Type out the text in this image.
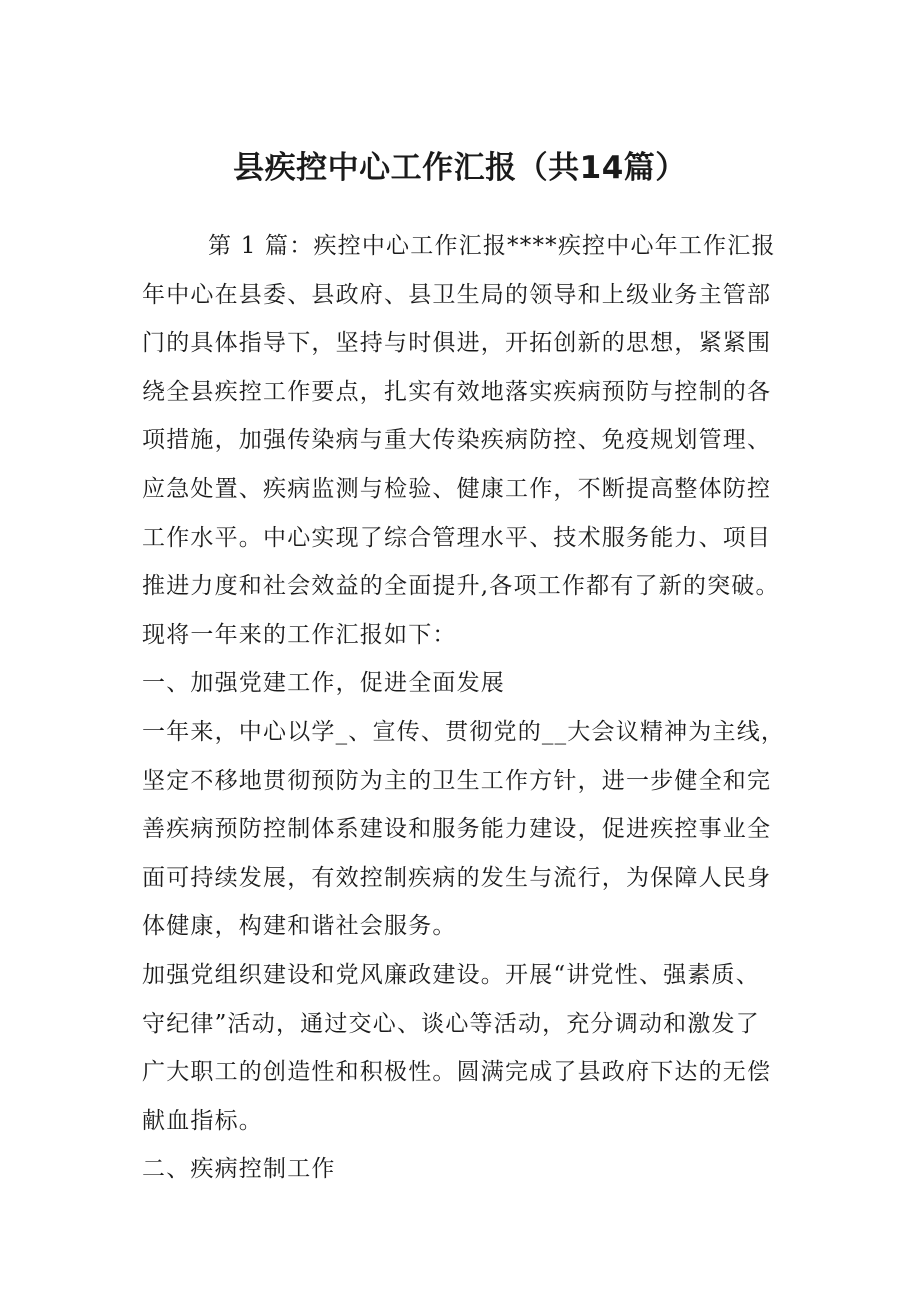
县疾控中心工作汇报（共14篇）
第 1 篇：疾控中心工作汇报****疾控中心年工作汇报
年中心在县委、县政府、县卫生局的领导和上级业务主管部
门的具体指导下，坚持与时俱进，开拓创新的思想，紧紧围
绕全县疾控工作要点，扎实有效地落实疾病预防与控制的各
项措施，加强传染病与重大传染疾病防控、免疫规划管理、
应急处置、疾病监测与检验、健康工作，不断提高整体防控
工作水平。中心实现了综合管理水平、技术服务能力、项目
推进力度和社会效益的全面提升,各项工作都有了新的突破。
现将一年来的工作汇报如下：
一、加强党建工作，促进全面发展
一年来，中心以学_、宣传、贯彻党的__大会议精神为主线，
坚定不移地贯彻预防为主的卫生工作方针，进一步健全和完
善疾病预防控制体系建设和服务能力建设，促进疾控事业全
面可持续发展，有效控制疾病的发生与流行，为保障人民身
体健康，构建和谐社会服务。
加强党组织建设和党风廉政建设。开展“讲党性、强素质、
守纪律”活动，通过交心、谈心等活动，充分调动和激发了
广大职工的创造性和积极性。圆满完成了县政府下达的无偿
献血指标。
二、疾病控制工作
